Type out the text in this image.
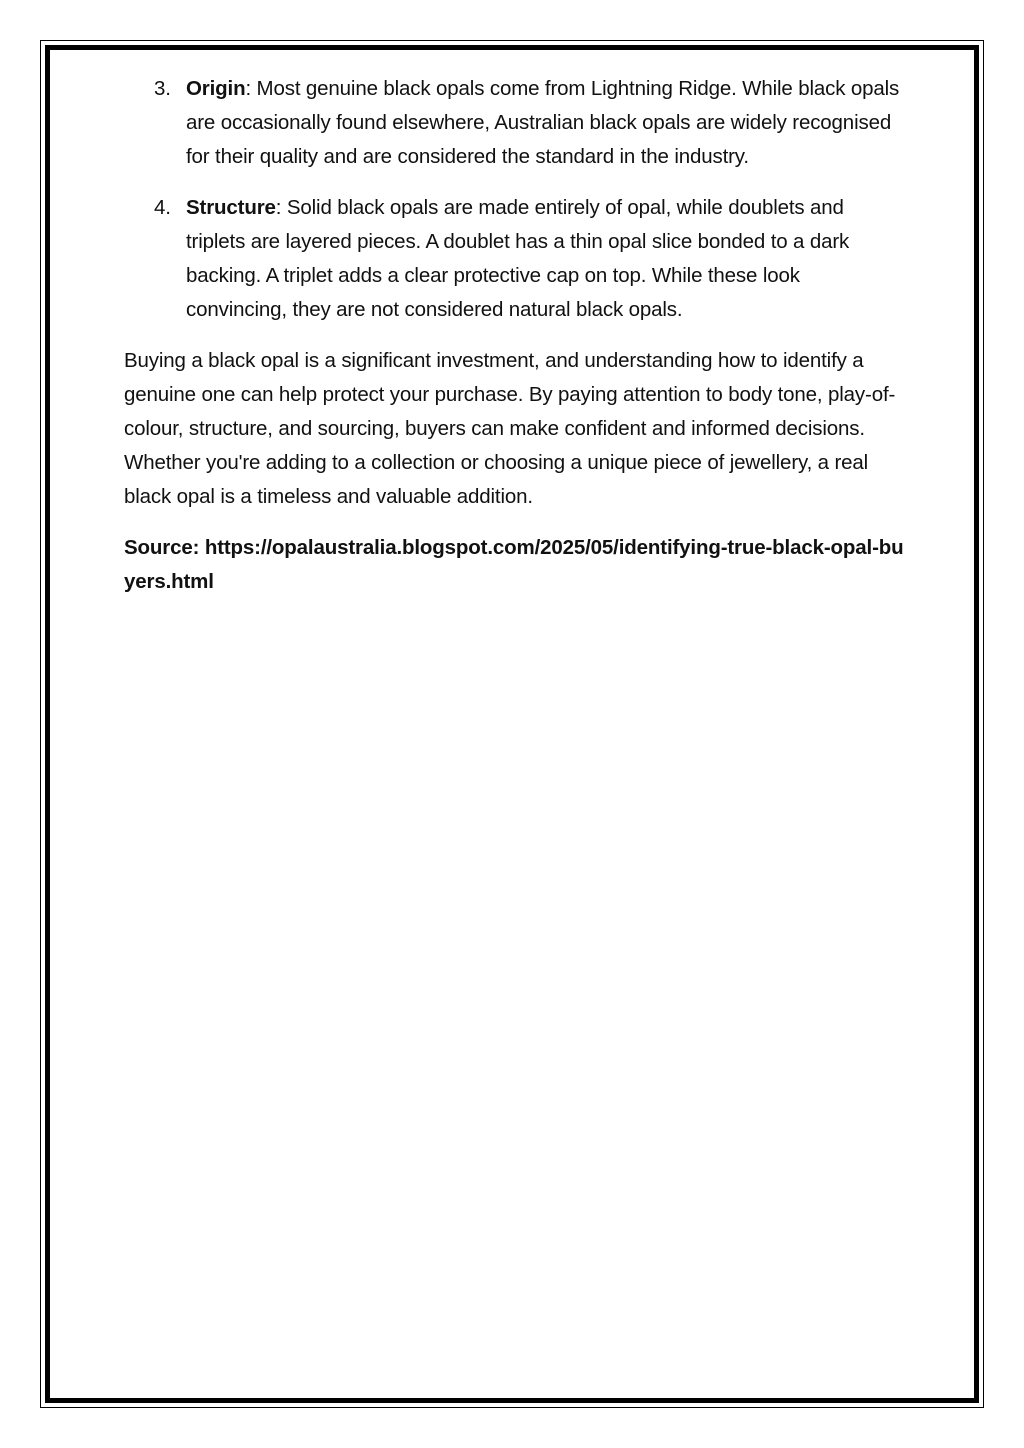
3. Origin: Most genuine black opals come from Lightning Ridge. While black opals are occasionally found elsewhere, Australian black opals are widely recognised for their quality and are considered the standard in the industry.
4. Structure: Solid black opals are made entirely of opal, while doublets and triplets are layered pieces. A doublet has a thin opal slice bonded to a dark backing. A triplet adds a clear protective cap on top. While these look convincing, they are not considered natural black opals.

Buying a black opal is a significant investment, and understanding how to identify a genuine one can help protect your purchase. By paying attention to body tone, play-of-colour, structure, and sourcing, buyers can make confident and informed decisions. Whether you're adding to a collection or choosing a unique piece of jewellery, a real black opal is a timeless and valuable addition.

Source: https://opalaustralia.blogspot.com/2025/05/identifying-true-black-opal-buyers.html
